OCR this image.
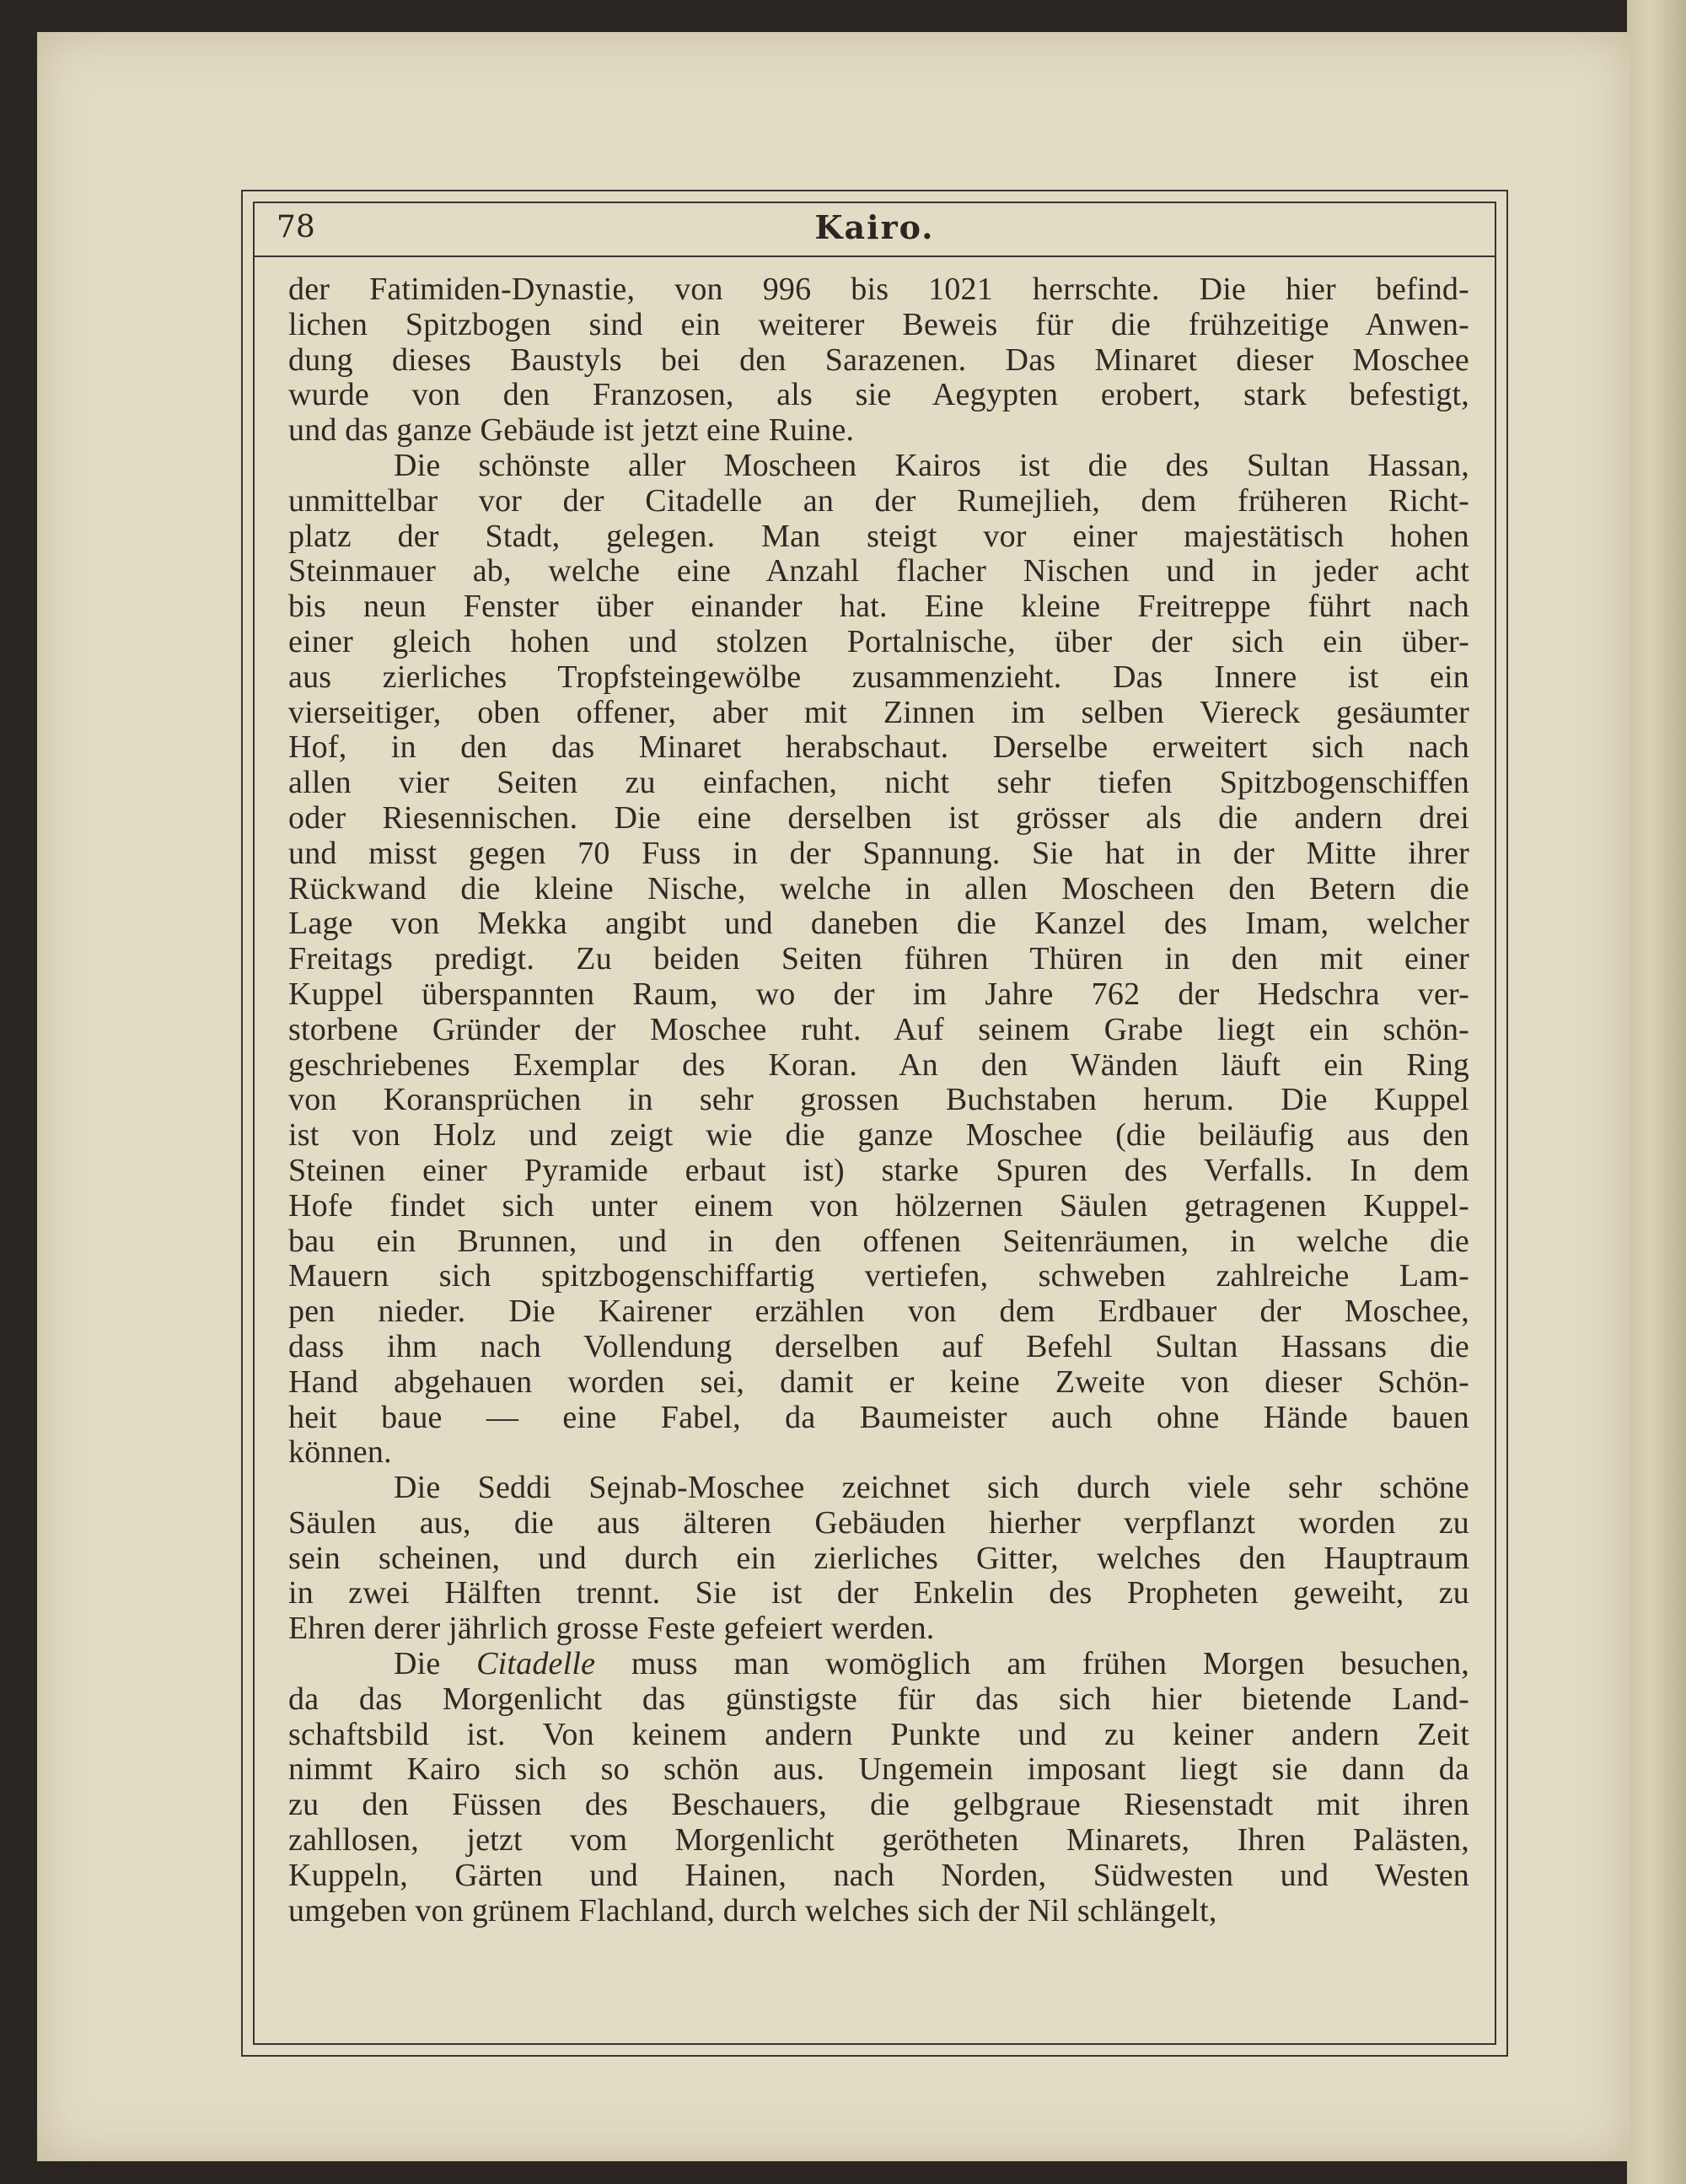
78	Kairo.

der Fatimiden-Dynastie, von 996 bis 1021 herrschte. Die hier befind-
lichen Spitzbogen sind ein weiterer Beweis für die frühzeitige Anwen-
dung dieses Baustyls bei den Sarazenen. Das Minaret dieser Moschee
wurde von den Franzosen, als sie Aegypten erobert, stark befestigt,
und das ganze Gebäude ist jetzt eine Ruine.

Die schönste aller Moscheen Kairos ist die des Sultan Hassan,
unmittelbar vor der Citadelle an der Rumejlieh, dem früheren Richt-
platz der Stadt, gelegen. Man steigt vor einer majestätisch hohen
Steinmauer ab, welche eine Anzahl flacher Nischen und in jeder acht
bis neun Fenster über einander hat. Eine kleine Freitreppe führt nach
einer gleich hohen und stolzen Portalnische, über der sich ein über-
aus zierliches Tropfsteingewölbe zusammenzieht. Das Innere ist ein
vierseitiger, oben offener, aber mit Zinnen im selben Viereck gesäumter
Hof, in den das Minaret herabschaut. Derselbe erweitert sich nach
allen vier Seiten zu einfachen, nicht sehr tiefen Spitzbogenschiffen
oder Riesennischen. Die eine derselben ist grösser als die andern drei
und misst gegen 70 Fuss in der Spannung. Sie hat in der Mitte ihrer
Rückwand die kleine Nische, welche in allen Moscheen den Betern die
Lage von Mekka angibt und daneben die Kanzel des Imam, welcher
Freitags predigt. Zu beiden Seiten führen Thüren in den mit einer
Kuppel überspannten Raum, wo der im Jahre 762 der Hedschra ver-
storbene Gründer der Moschee ruht. Auf seinem Grabe liegt ein schön-
geschriebenes Exemplar des Koran. An den Wänden läuft ein Ring
von Koransprüchen in sehr grossen Buchstaben herum. Die Kuppel
ist von Holz und zeigt wie die ganze Moschee (die beiläufig aus den
Steinen einer Pyramide erbaut ist) starke Spuren des Verfalls. In dem
Hofe findet sich unter einem von hölzernen Säulen getragenen Kuppel-
bau ein Brunnen, und in den offenen Seitenräumen, in welche die
Mauern sich spitzbogenschiffartig vertiefen, schweben zahlreiche Lam-
pen nieder. Die Kairener erzählen von dem Erdbauer der Moschee,
dass ihm nach Vollendung derselben auf Befehl Sultan Hassans die
Hand abgehauen worden sei, damit er keine Zweite von dieser Schön-
heit baue — eine Fabel, da Baumeister auch ohne Hände bauen
können.

Die Seddi Sejnab-Moschee zeichnet sich durch viele sehr schöne
Säulen aus, die aus älteren Gebäuden hierher verpflanzt worden zu
sein scheinen, und durch ein zierliches Gitter, welches den Hauptraum
in zwei Hälften trennt. Sie ist der Enkelin des Propheten geweiht, zu
Ehren derer jährlich grosse Feste gefeiert werden.

Die Citadelle muss man womöglich am frühen Morgen besuchen,
da das Morgenlicht das günstigste für das sich hier bietende Land-
schaftsbild ist. Von keinem andern Punkte und zu keiner andern Zeit
nimmt Kairo sich so schön aus. Ungemein imposant liegt sie dann da
zu den Füssen des Beschauers, die gelbgraue Riesenstadt mit ihren
zahllosen, jetzt vom Morgenlicht gerötheten Minarets, Ihren Palästen,
Kuppeln, Gärten und Hainen, nach Norden, Südwesten und Westen
umgeben von grünem Flachland, durch welches sich der Nil schlängelt,
